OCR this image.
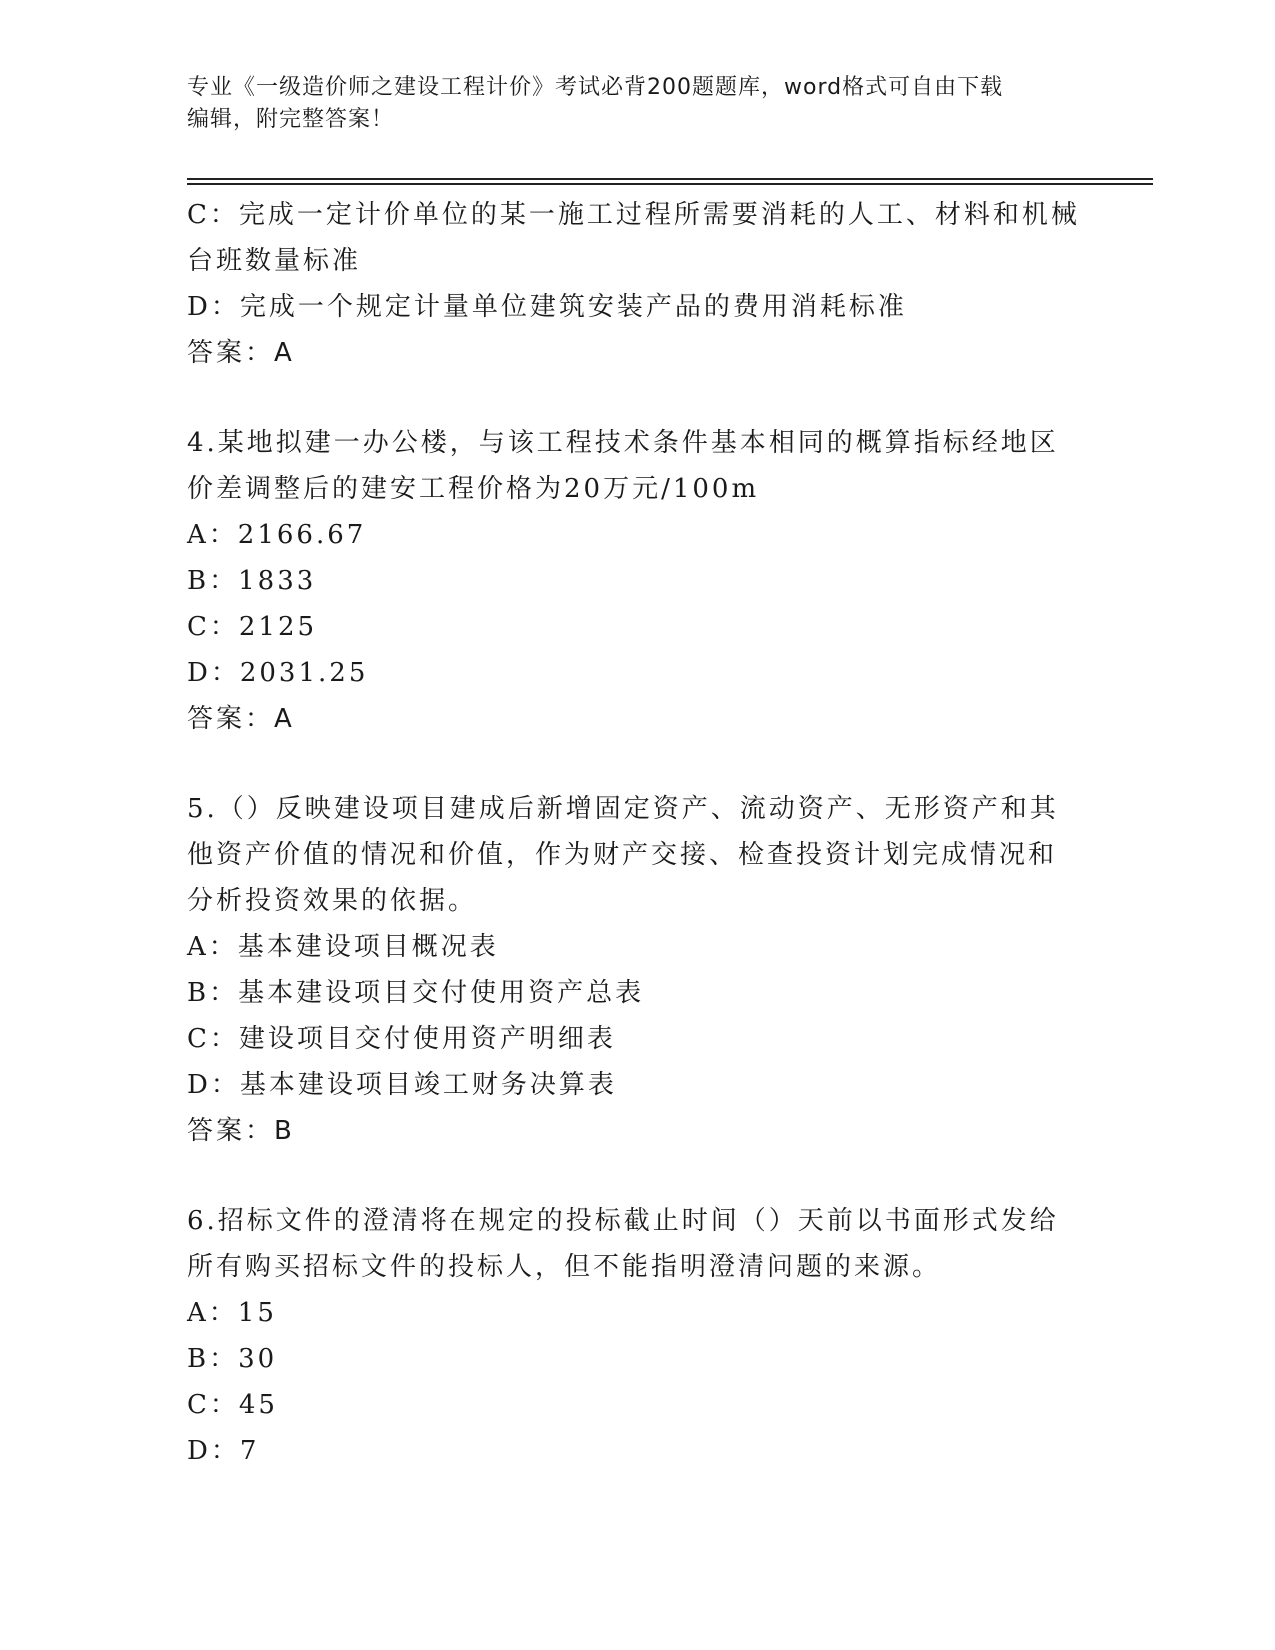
专业《一级造价师之建设工程计价》考试必背200题题库，word格式可自由下载
编辑，附完整答案！
C：完成一定计价单位的某一施工过程所需要消耗的人工、材料和机械
台班数量标准
D：完成一个规定计量单位建筑安装产品的费用消耗标准
答案：A
4.某地拟建一办公楼，与该工程技术条件基本相同的概算指标经地区
价差调整后的建安工程价格为20万元/100m
A：2166.67
B：1833
C：2125
D：2031.25
答案：A
5.（）反映建设项目建成后新增固定资产、流动资产、无形资产和其
他资产价值的情况和价值，作为财产交接、检查投资计划完成情况和
分析投资效果的依据。
A：基本建设项目概况表
B：基本建设项目交付使用资产总表
C：建设项目交付使用资产明细表
D：基本建设项目竣工财务决算表
答案：B
6.招标文件的澄清将在规定的投标截止时间（）天前以书面形式发给
所有购买招标文件的投标人，但不能指明澄清问题的来源。
A：15
B：30
C：45
D：7
